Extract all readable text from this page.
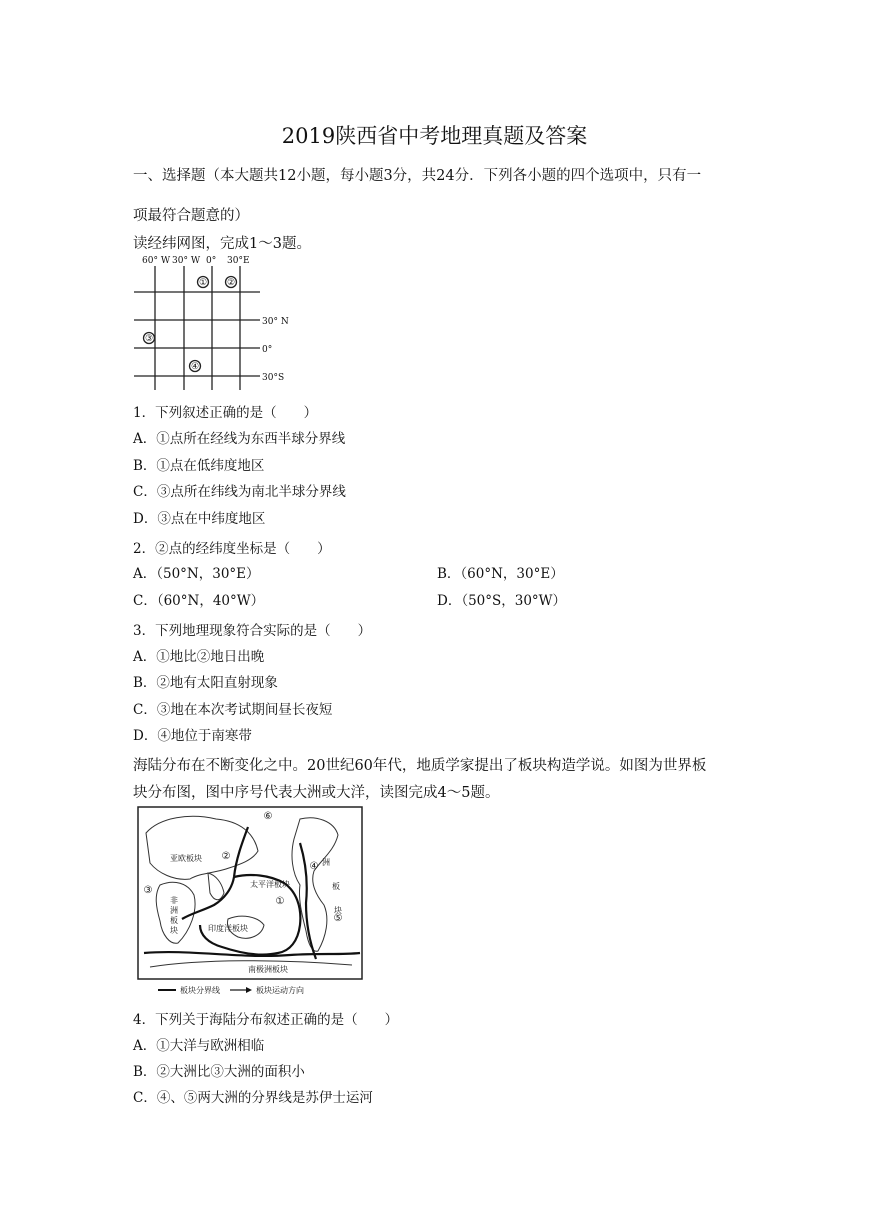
2019陕西省中考地理真题及答案
一、选择题（本大题共12小题，每小题3分，共24分．下列各小题的四个选项中，只有一
项最符合题意的）
读经纬网图，完成1～3题。
60° W 30° W 0° 30°E
30° N
0°
30°S
① ②
③
④
1．下列叙述正确的是（　　）
A．①点所在经线为东西半球分界线
B．①点在低纬度地区
C．③点所在纬线为南北半球分界线
D．③点在中纬度地区
2．②点的经纬度坐标是（　　）
A．（50°N，30°E）	B．（60°N，30°E）
C．（60°N，40°W）	D．（50°S，30°W）
3．下列地理现象符合实际的是（　　）
A．①地比②地日出晚
B．②地有太阳直射现象
C．③地在本次考试期间昼长夜短
D．④地位于南寒带
海陆分布在不断变化之中。20世纪60年代，地质学家提出了板块构造学说。如图为世界板
块分布图，图中序号代表大洲或大洋，读图完成4～5题。
亚欧板块
太平洋板块
印度洋板块
南极洲板块
非
洲
板
块
洲
板
块
①
②
③
④
⑤
⑥
板块分界线	板块运动方向
4．下列关于海陆分布叙述正确的是（　　）
A．①大洋与欧洲相临
B．②大洲比③大洲的面积小
C．④、⑤两大洲的分界线是苏伊士运河
